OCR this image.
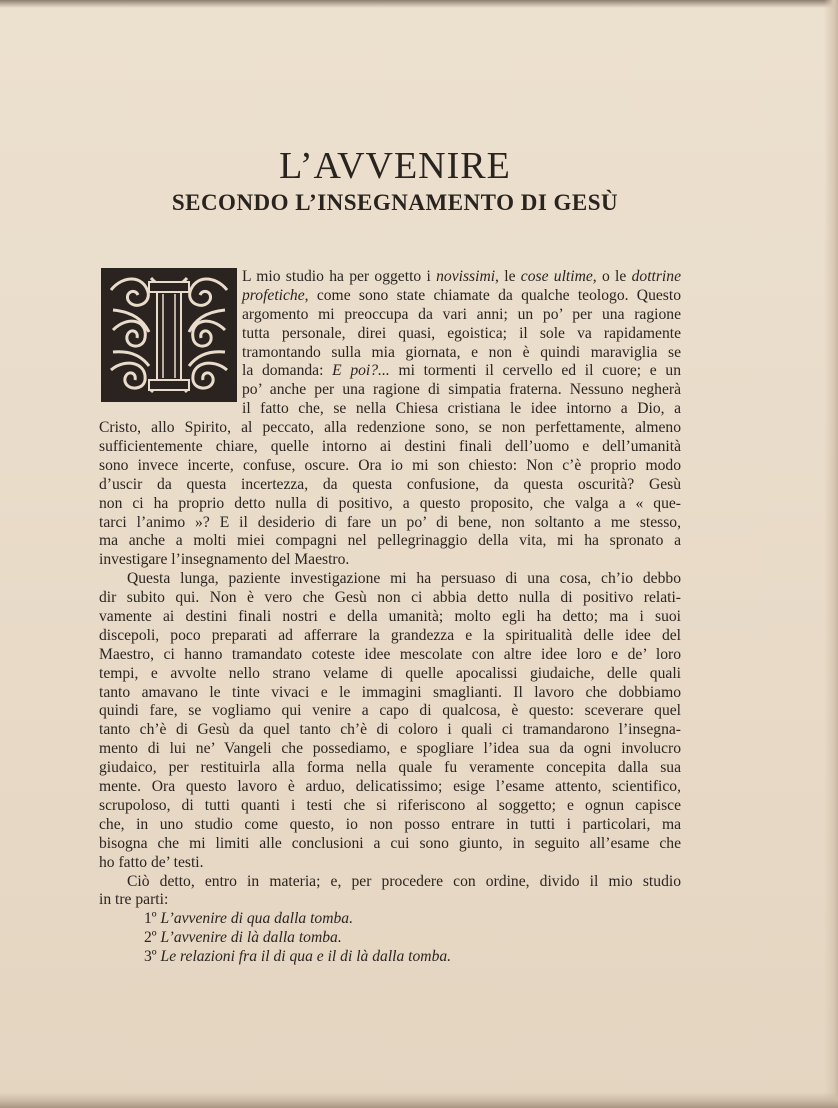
L’AVVENIRE
SECONDO L’INSEGNAMENTO DI GESÙ
L mio studio ha per oggetto i novissimi, le cose ultime, o le dottrine
profetiche, come sono state chiamate da qualche teologo. Questo
argomento mi preoccupa da vari anni; un po’ per una ragione
tutta personale, direi quasi, egoistica; il sole va rapidamente
tramontando sulla mia giornata, e non è quindi maraviglia se
la domanda: E poi?... mi tormenti il cervello ed il cuore; e un
po’ anche per una ragione di simpatia fraterna. Nessuno negherà
il fatto che, se nella Chiesa cristiana le idee intorno a Dio, a
Cristo, allo Spirito, al peccato, alla redenzione sono, se non perfettamente, almeno
sufficientemente chiare, quelle intorno ai destini finali dell’uomo e dell’umanità
sono invece incerte, confuse, oscure. Ora io mi son chiesto: Non c’è proprio modo
d’uscir da questa incertezza, da questa confusione, da questa oscurità? Gesù
non ci ha proprio detto nulla di positivo, a questo proposito, che valga a « que-
tarci l’animo »? E il desiderio di fare un po’ di bene, non soltanto a me stesso,
ma anche a molti miei compagni nel pellegrinaggio della vita, mi ha spronato a
investigare l’insegnamento del Maestro.
Questa lunga, paziente investigazione mi ha persuaso di una cosa, ch’io debbo
dir subito qui. Non è vero che Gesù non ci abbia detto nulla di positivo relati-
vamente ai destini finali nostri e della umanità; molto egli ha detto; ma i suoi
discepoli, poco preparati ad afferrare la grandezza e la spiritualità delle idee del
Maestro, ci hanno tramandato coteste idee mescolate con altre idee loro e de’ loro
tempi, e avvolte nello strano velame di quelle apocalissi giudaiche, delle quali
tanto amavano le tinte vivaci e le immagini smaglianti. Il lavoro che dobbiamo
quindi fare, se vogliamo qui venire a capo di qualcosa, è questo: sceverare quel
tanto ch’è di Gesù da quel tanto ch’è di coloro i quali ci tramandarono l’insegna-
mento di lui ne’ Vangeli che possediamo, e spogliare l’idea sua da ogni involucro
giudaico, per restituirla alla forma nella quale fu veramente concepita dalla sua
mente. Ora questo lavoro è arduo, delicatissimo; esige l’esame attento, scientifico,
scrupoloso, di tutti quanti i testi che si riferiscono al soggetto; e ognun capisce
che, in uno studio come questo, io non posso entrare in tutti i particolari, ma
bisogna che mi limiti alle conclusioni a cui sono giunto, in seguito all’esame che
ho fatto de’ testi.
Ciò detto, entro in materia; e, per procedere con ordine, divido il mio studio
in tre parti:
1º L’avvenire di qua dalla tomba.
2º L’avvenire di là dalla tomba.
3º Le relazioni fra il di qua e il di là dalla tomba.
